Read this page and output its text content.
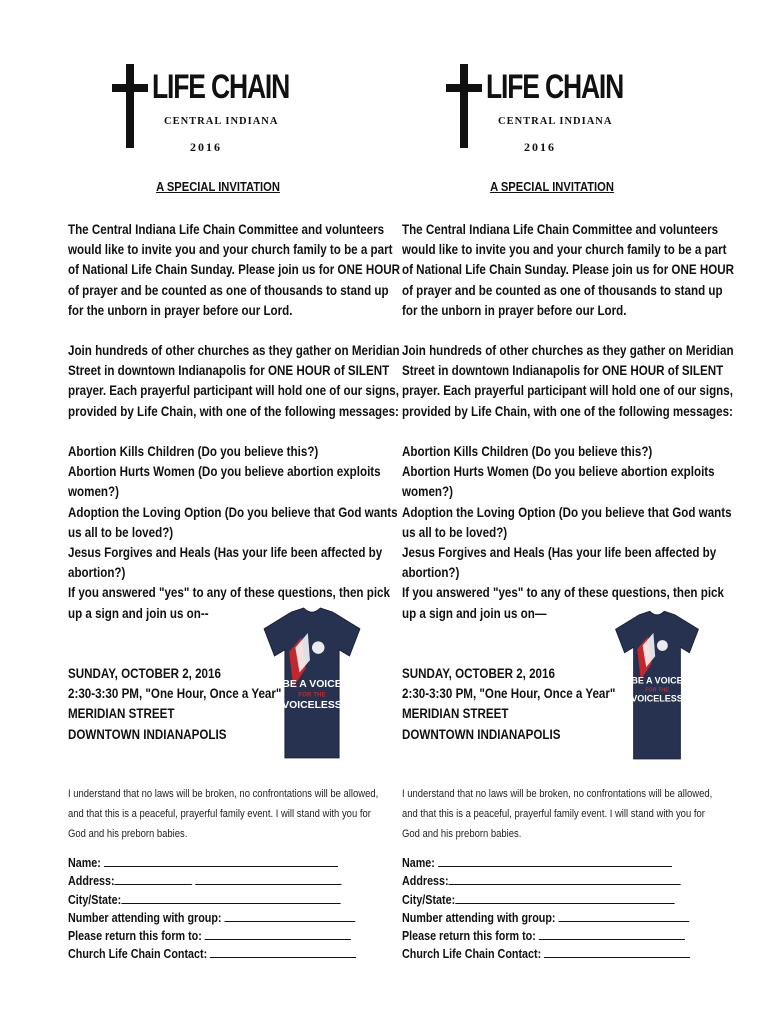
LIFE CHAIN
CENTRAL INDIANA
2016
A SPECIAL INVITATION
The Central Indiana Life Chain Committee and volunteers
would like to invite you and your church family to be a part
of National Life Chain Sunday. Please join us for ONE HOUR
of prayer and be counted as one of thousands to stand up
for the unborn in prayer before our Lord.
Join hundreds of other churches as they gather on Meridian
Street in downtown Indianapolis for ONE HOUR of SILENT
prayer. Each prayerful participant will hold one of our signs,
provided by Life Chain, with one of the following messages:
Abortion Kills Children (Do you believe this?)
Abortion Hurts Women (Do you believe abortion exploits
women?)
Adoption the Loving Option (Do you believe that God wants
us all to be loved?)
Jesus Forgives and Heals (Has your life been affected by
abortion?)
If you answered "yes" to any of these questions, then pick
up a sign and join us on--
BE A VOICE
FOR THE
VOICELESS
SUNDAY, OCTOBER 2, 2016
2:30-3:30 PM, "One Hour, Once a Year"
MERIDIAN STREET
DOWNTOWN INDIANAPOLIS
I understand that no laws will be broken, no confrontations will be allowed,
and that this is a peaceful, prayerful family event. I will stand with you for
God and his preborn babies.
Name:
Address:
City/State:
Number attending with group:
Please return this form to:
Church Life Chain Contact:
LIFE CHAIN
CENTRAL INDIANA
2016
A SPECIAL INVITATION
The Central Indiana Life Chain Committee and volunteers
would like to invite you and your church family to be a part
of National Life Chain Sunday. Please join us for ONE HOUR
of prayer and be counted as one of thousands to stand up
for the unborn in prayer before our Lord.
Join hundreds of other churches as they gather on Meridian
Street in downtown Indianapolis for ONE HOUR of SILENT
prayer. Each prayerful participant will hold one of our signs,
provided by Life Chain, with one of the following messages:
Abortion Kills Children (Do you believe this?)
Abortion Hurts Women (Do you believe abortion exploits
women?)
Adoption the Loving Option (Do you believe that God wants
us all to be loved?)
Jesus Forgives and Heals (Has your life been affected by
abortion?)
If you answered "yes" to any of these questions, then pick
up a sign and join us on—
BE A VOICE
FOR THE
VOICELESS
SUNDAY, OCTOBER 2, 2016
2:30-3:30 PM, "One Hour, Once a Year"
MERIDIAN STREET
DOWNTOWN INDIANAPOLIS
I understand that no laws will be broken, no confrontations will be allowed,
and that this is a peaceful, prayerful family event. I will stand with you for
God and his preborn babies.
Name:
Address:
City/State:
Number attending with group:
Please return this form to:
Church Life Chain Contact:
